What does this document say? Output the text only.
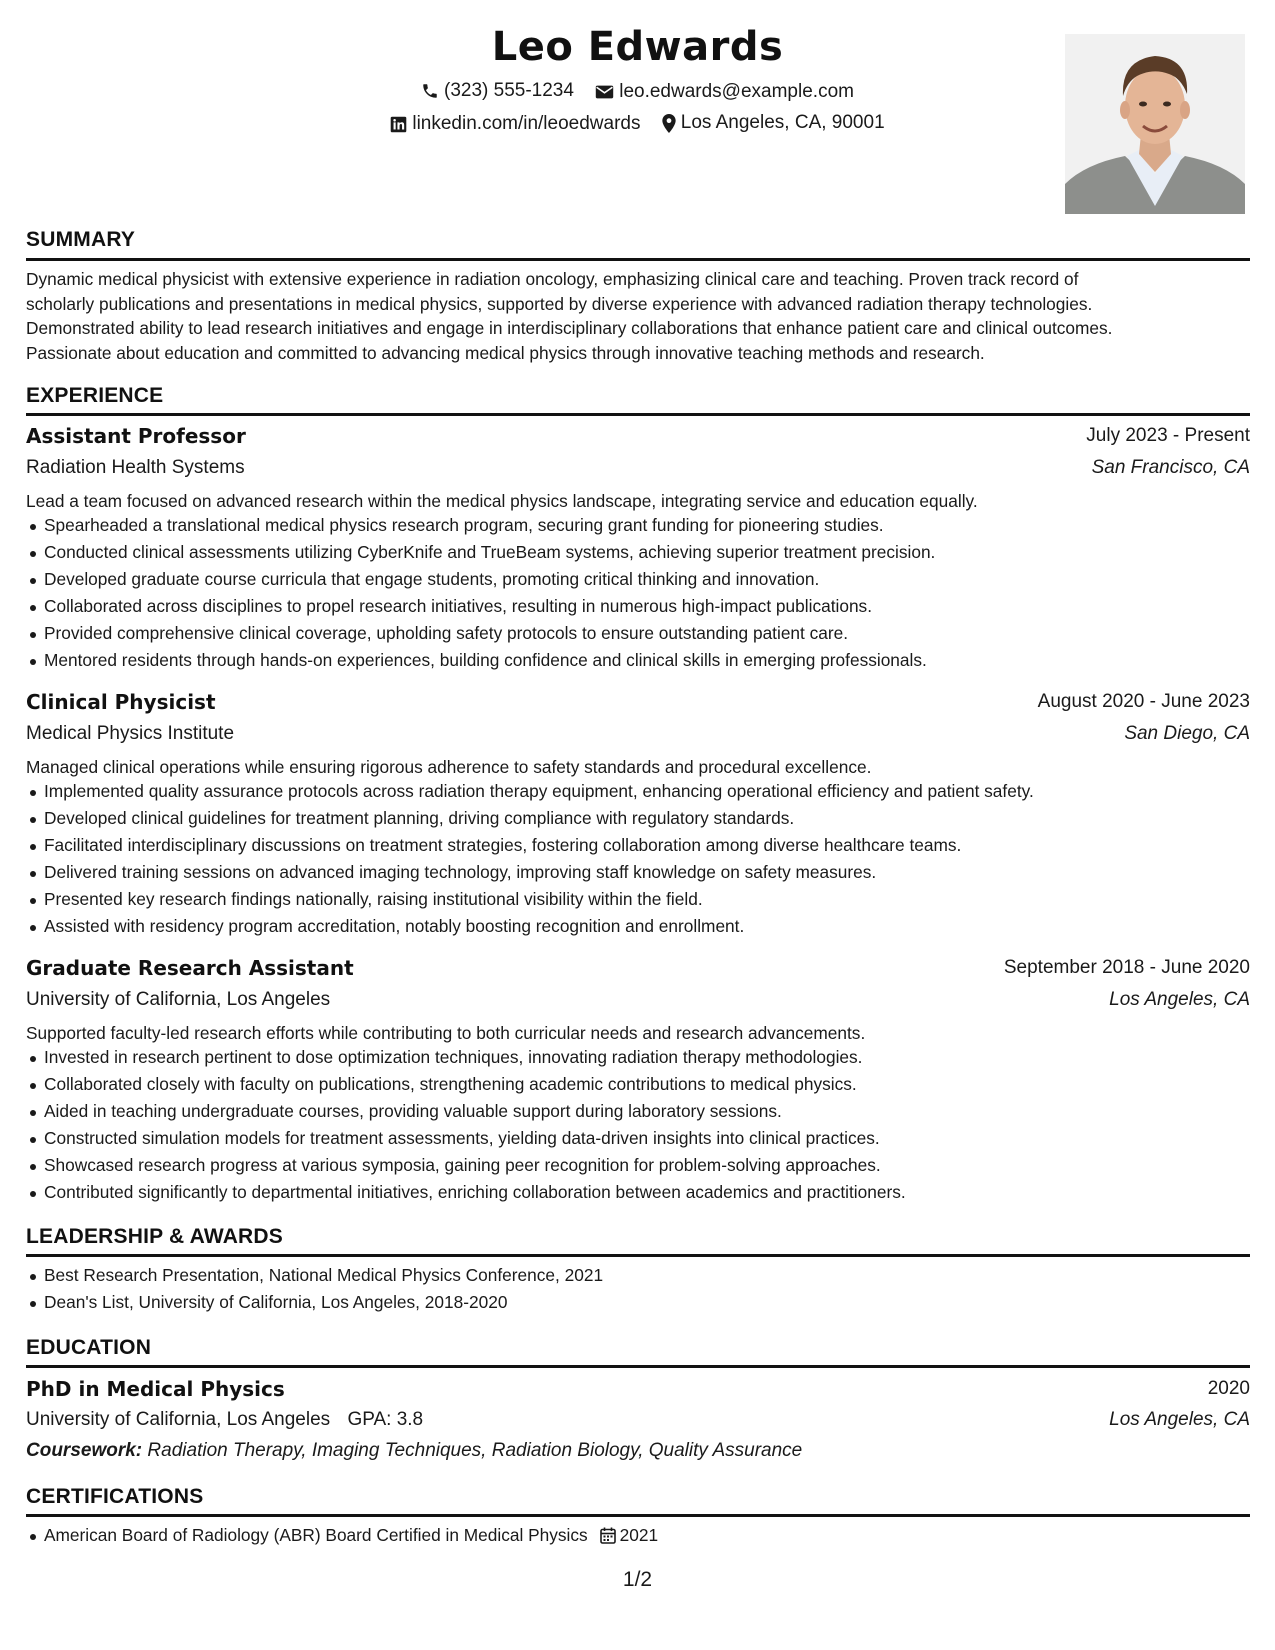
Leo Edwards
(323) 555-1234
leo.edwards@example.com
linkedin.com/in/leoedwards
Los Angeles, CA, 90001
SUMMARY
Dynamic medical physicist with extensive experience in radiation oncology, emphasizing clinical care and teaching. Proven track record of
scholarly publications and presentations in medical physics, supported by diverse experience with advanced radiation therapy technologies.
Demonstrated ability to lead research initiatives and engage in interdisciplinary collaborations that enhance patient care and clinical outcomes.
Passionate about education and committed to advancing medical physics through innovative teaching methods and research.
EXPERIENCE
Assistant Professor	July 2023 - Present
Radiation Health Systems	San Francisco, CA
Lead a team focused on advanced research within the medical physics landscape, integrating service and education equally.
Spearheaded a translational medical physics research program, securing grant funding for pioneering studies.
Conducted clinical assessments utilizing CyberKnife and TrueBeam systems, achieving superior treatment precision.
Developed graduate course curricula that engage students, promoting critical thinking and innovation.
Collaborated across disciplines to propel research initiatives, resulting in numerous high-impact publications.
Provided comprehensive clinical coverage, upholding safety protocols to ensure outstanding patient care.
Mentored residents through hands-on experiences, building confidence and clinical skills in emerging professionals.
Clinical Physicist	August 2020 - June 2023
Medical Physics Institute	San Diego, CA
Managed clinical operations while ensuring rigorous adherence to safety standards and procedural excellence.
Implemented quality assurance protocols across radiation therapy equipment, enhancing operational efficiency and patient safety.
Developed clinical guidelines for treatment planning, driving compliance with regulatory standards.
Facilitated interdisciplinary discussions on treatment strategies, fostering collaboration among diverse healthcare teams.
Delivered training sessions on advanced imaging technology, improving staff knowledge on safety measures.
Presented key research findings nationally, raising institutional visibility within the field.
Assisted with residency program accreditation, notably boosting recognition and enrollment.
Graduate Research Assistant	September 2018 - June 2020
University of California, Los Angeles	Los Angeles, CA
Supported faculty-led research efforts while contributing to both curricular needs and research advancements.
Invested in research pertinent to dose optimization techniques, innovating radiation therapy methodologies.
Collaborated closely with faculty on publications, strengthening academic contributions to medical physics.
Aided in teaching undergraduate courses, providing valuable support during laboratory sessions.
Constructed simulation models for treatment assessments, yielding data-driven insights into clinical practices.
Showcased research progress at various symposia, gaining peer recognition for problem-solving approaches.
Contributed significantly to departmental initiatives, enriching collaboration between academics and practitioners.
LEADERSHIP & AWARDS
Best Research Presentation, National Medical Physics Conference, 2021
Dean's List, University of California, Los Angeles, 2018-2020
EDUCATION
PhD in Medical Physics	2020
University of California, Los Angeles GPA: 3.8	Los Angeles, CA
Coursework: Radiation Therapy, Imaging Techniques, Radiation Biology, Quality Assurance
CERTIFICATIONS
American Board of Radiology (ABR) Board Certified in Medical Physics 2021
1/2
